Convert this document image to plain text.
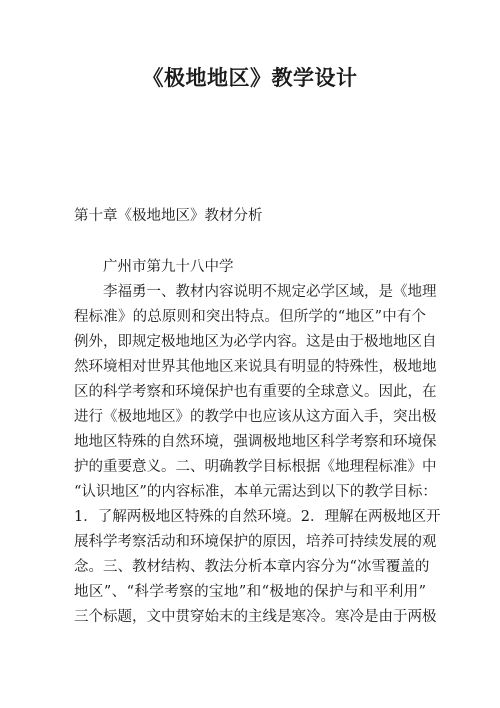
《极地地区》教学设计
第十章《极地地区》教材分析
广州市第九十八中学
李福勇一、教材内容说明不规定必学区域，是《地理
程标准》的总原则和突出特点。但所学的“地区”中有个
例外，即规定极地地区为必学内容。这是由于极地地区自
然环境相对世界其他地区来说具有明显的特殊性，极地地
区的科学考察和环境保护也有重要的全球意义。因此，在
进行《极地地区》的教学中也应该从这方面入手，突出极
地地区特殊的自然环境，强调极地地区科学考察和环境保
护的重要意义。二、明确教学目标根据《地理程标准》中
“认识地区”的内容标准，本单元需达到以下的教学目标：
1．了解两极地区特殊的自然环境。2．理解在两极地区开
展科学考察活动和环境保护的原因，培养可持续发展的观
念。三、教材结构、教法分析本章内容分为“冰雪覆盖的
地区”、“科学考察的宝地”和“极地的保护与和平利用”
三个标题，文中贯穿始末的主线是寒冷。寒冷是由于两极
